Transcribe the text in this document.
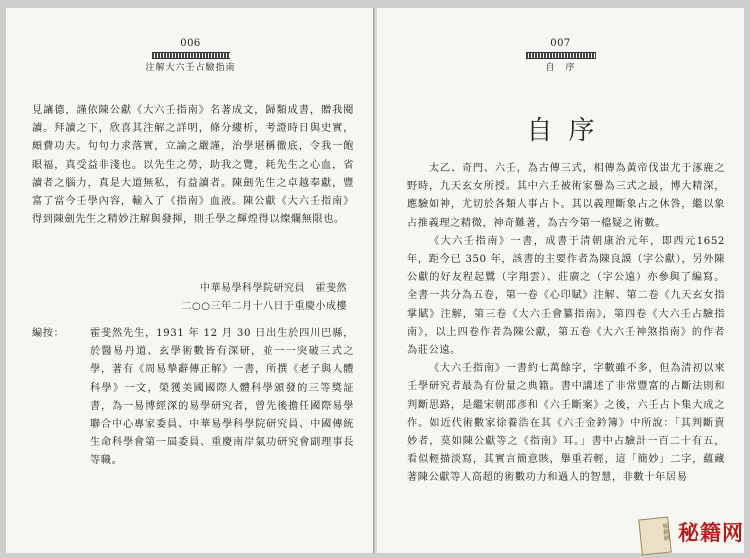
006
注解大六壬占驗指南

見讓德，謹依陳公獻《大六壬指南》名著成文，歸類成書，贈我閱讀。拜讀之下，欣喜其注解之詳明，條分縷析，考證時日與史實，頗費功夫。句句力求落實，立論之嚴謹，治學堪稱徹底，令我一飽眼福，真受益非淺也。以先生之勞，助我之覽，耗先生之心血，省讀者之腦力，真是大道無私，有益讀者。陳劍先生之卓越奉獻，豐富了當今壬學內容，輸入了《指南》血液。陳公獻《大六壬指南》得到陳劍先生之精妙注解與發揮，則壬學之輝煌得以燦爛無限也。

中華易學科學院研究員　霍斐然
二○○三年二月十八日于重慶小成樓
編按：	霍斐然先生，1931 年 12 月 30 日出生於四川巴縣，於醫易丹道、玄學術數皆有深研，並一一突破三式之學，著有《周易摯辭傳正解》一書，所撰《老子與人體科學》一文，榮獲美國國際人體科學頒發的三等獎証書，為一易博經深的易學研究者，曾先後擔任國際易學聯合中心專家委員、中華易學科學院研究員、中國傳統生命科學會第一屆委員、重慶南岸氣功研究會副理事長等職。
007
自　序
自序

太乙、奇門、六壬，為古傳三式，相傳為黃帝伐蚩尤于涿鹿之野時，九天玄女所授。其中六壬被術家譽為三式之最，博大精深，應驗如神，尤切於各類人事占卜。其以義理斷象占之休咎，繼以象占推義理之精微，神奇難著，為古今第一檔疑之術數。

《大六壬指南》一書，成書于清朝康治元年，即西元1652 年，距今已 350 年，該書的主要作者為陳良謨（字公獻），另外陳公獻的好友程起鷺（字翔雲）、莊廣之（字公遠）亦參與了編寫。全書一共分為五卷，第一卷《心印賦》注解、第二卷《九天玄女指掌賦》注解，第三卷《大六壬會纂指南》，第四卷《大六壬占驗指南》，以上四卷作者為陳公獻，第五卷《大六壬神煞指南》的作者為莊公遠。

《大六壬指南》一書約七萬餘字，字數雖不多，但為清初以來壬學研究者最為有份量之典籍。書中講述了非常豐富的占斷法則和判斷思路，是繼宋朝邵彥和《六壬斷案》之後，六壬占卜集大成之作。如近代術數家徐養浩在其《六壬金鈐簿》中所說：「其判斷賣妙者，莫如陳公獻等之《指南》耳。」書中占驗計一百二十有五，看似輕描淡寫，其實言簡意賅，舉重若輕，這「簡妙」二字，蘊藏著陳公獻等人高超的術數功力和過人的智慧，非數十年居易

秘籍網 秘籍网
